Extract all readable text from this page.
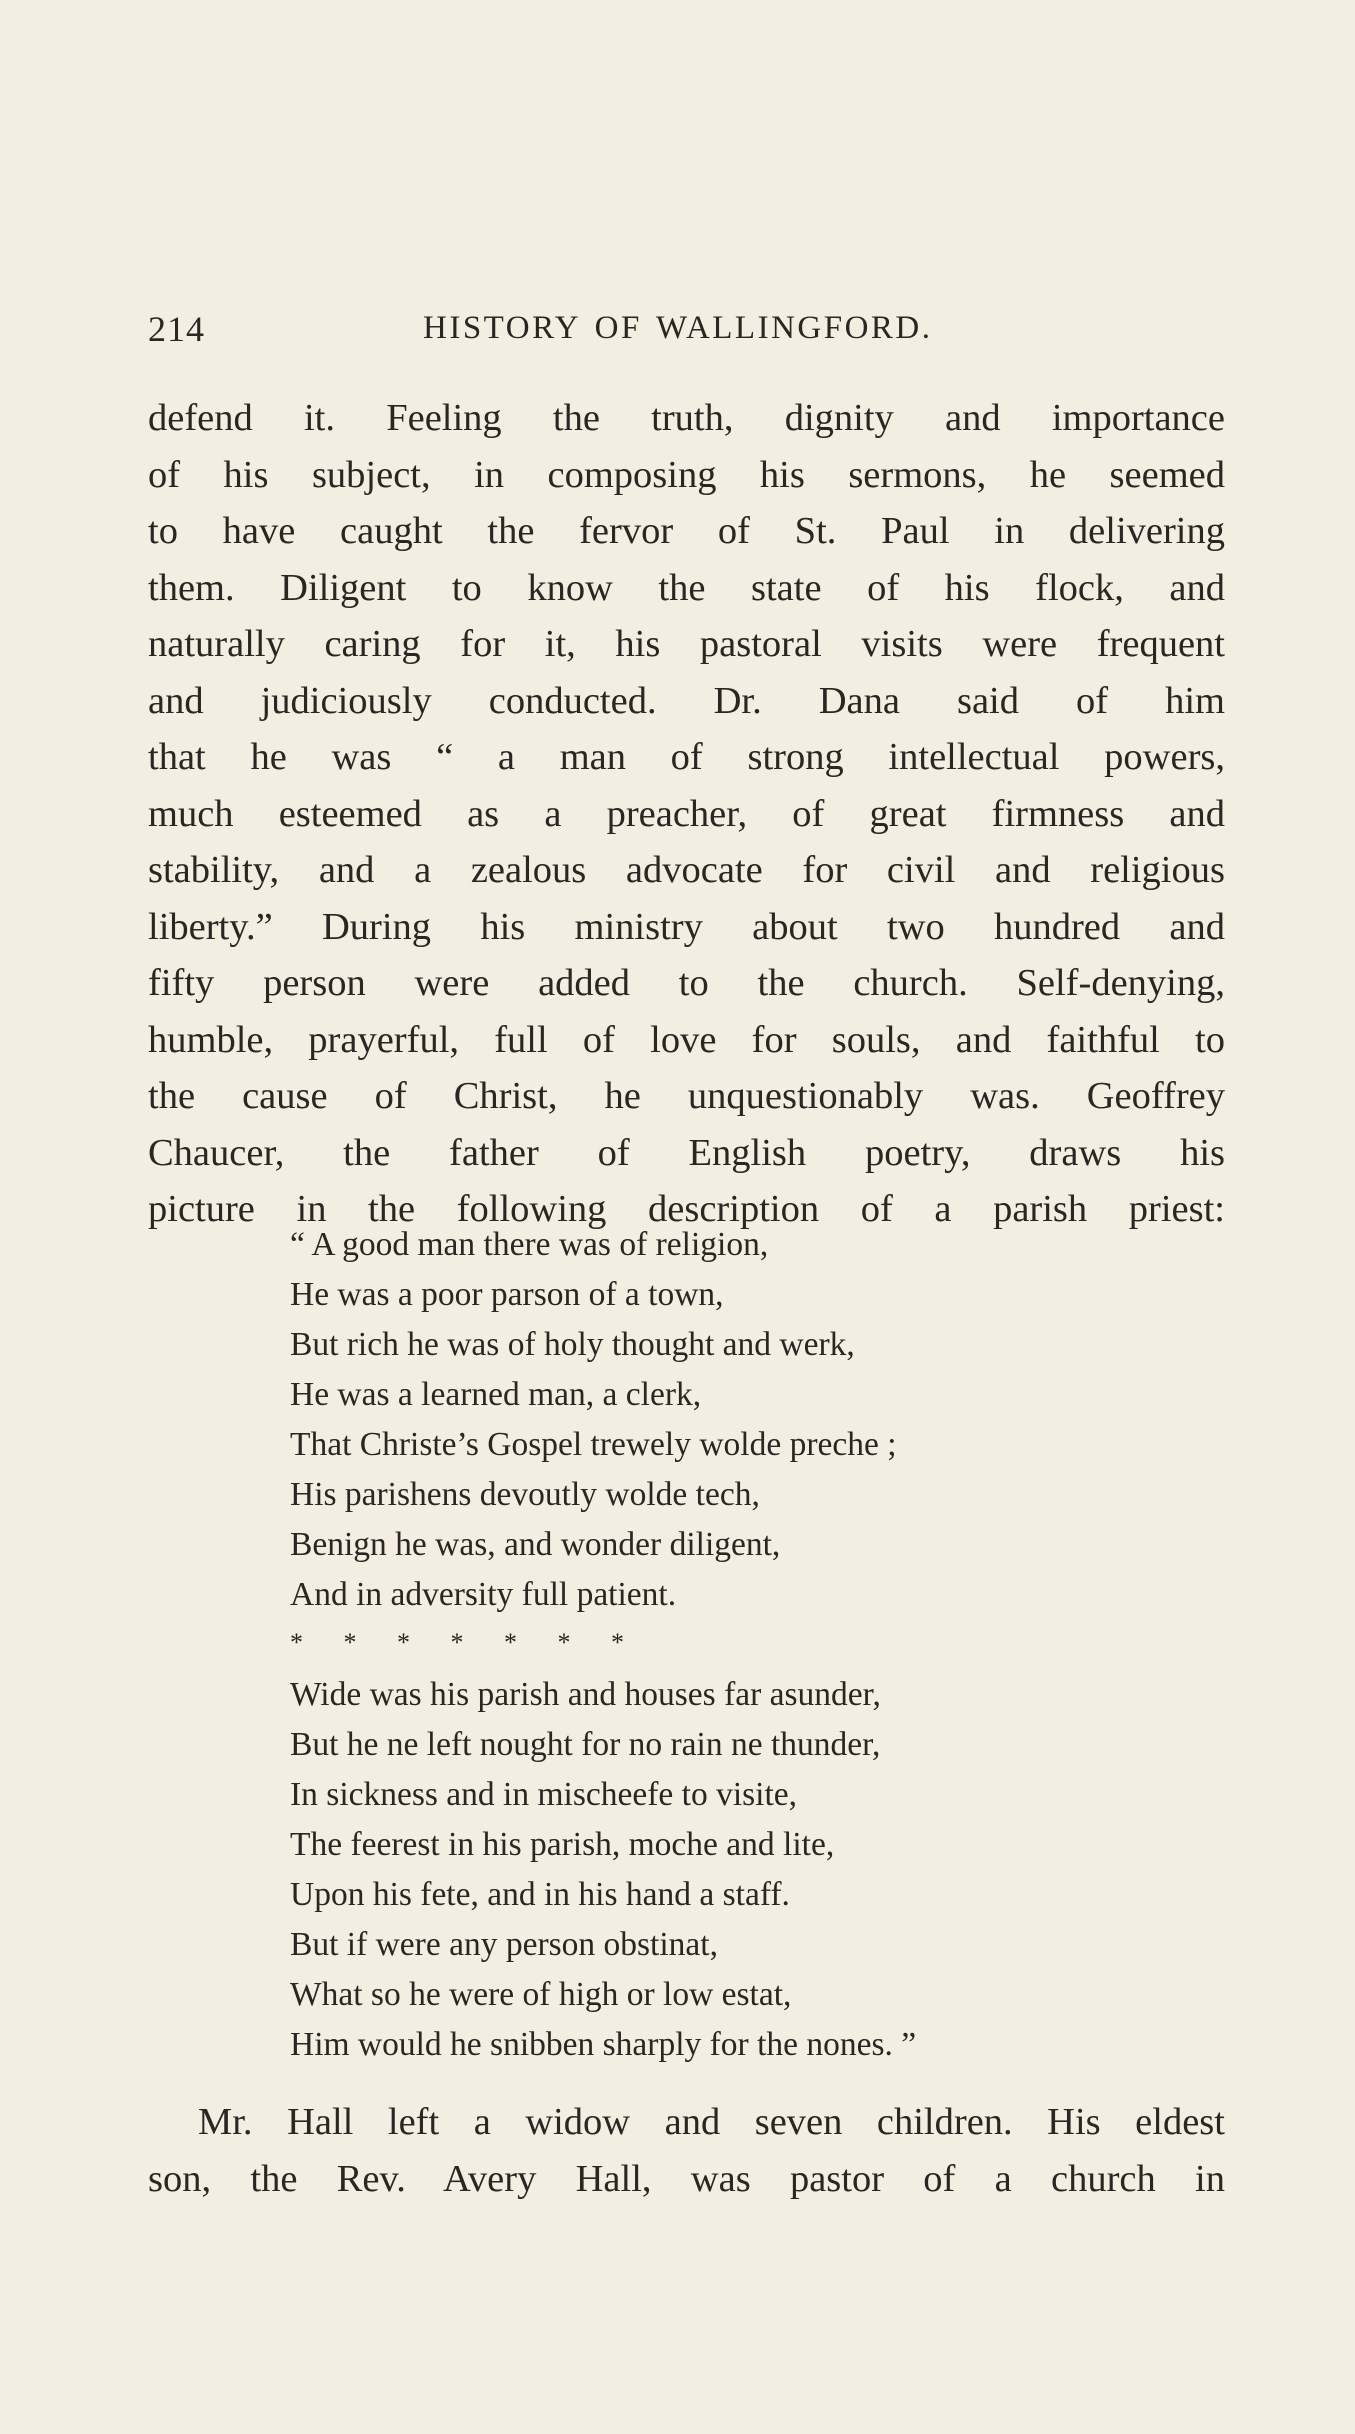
214	HISTORY OF WALLINGFORD.
defend it. Feeling the truth, dignity and importance
of his subject, in composing his sermons, he seemed
to have caught the fervor of St. Paul in delivering
them. Diligent to know the state of his flock, and
naturally caring for it, his pastoral visits were frequent
and judiciously conducted. Dr. Dana said of him
that he was “ a man of strong intellectual powers,
much esteemed as a preacher, of great firmness and
stability, and a zealous advocate for civil and religious
liberty.” During his ministry about two hundred and
fifty person were added to the church. Self-denying,
humble, prayerful, full of love for souls, and faithful to
the cause of Christ, he unquestionably was. Geoffrey
Chaucer, the father of English poetry, draws his
picture in the following description of a parish priest:
“ A good man there was of religion,
He was a poor parson of a town,
But rich he was of holy thought and werk,
He was a learned man, a clerk,
That Christe’s Gospel trewely wolde preche ;
His parishens devoutly wolde tech,
Benign he was, and wonder diligent,
And in adversity full patient.
* * * * * * *
Wide was his parish and houses far asunder,
But he ne left nought for no rain ne thunder,
In sickness and in mischeefe to visite,
The feerest in his parish, moche and lite,
Upon his fete, and in his hand a staff.
But if were any person obstinat,
What so he were of high or low estat,
Him would he snibben sharply for the nones. ”
Mr. Hall left a widow and seven children. His eldest
son, the Rev. Avery Hall, was pastor of a church in
